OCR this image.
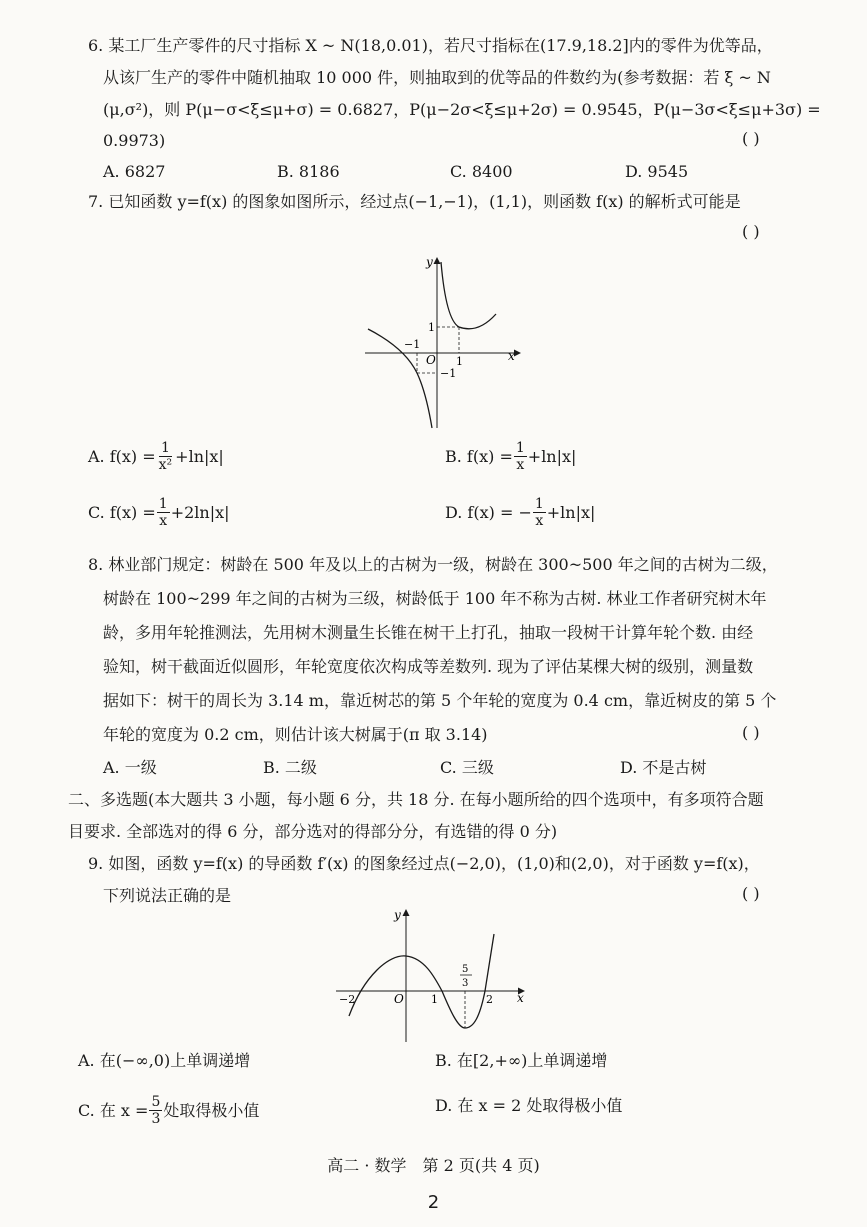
6. 某工厂生产零件的尺寸指标 X ~ N(18,0.01)，若尺寸指标在(17.9,18.2]内的零件为优等品，
从该厂生产的零件中随机抽取 10 000 件，则抽取到的优等品的件数约为(参考数据：若 ξ ~ N
(μ,σ²)，则 P(μ−σ<ξ≤μ+σ) = 0.6827，P(μ−2σ<ξ≤μ+2σ) = 0.9545，P(μ−3σ<ξ≤μ+3σ) =
0.9973)	( )
A. 6827	B. 8186	C. 8400	D. 9545
7. 已知函数 y=f(x) 的图象如图所示，经过点(−1,−1)，(1,1)，则函数 f(x) 的解析式可能是
( )
y
x
O 1
−1
1
−1
A. $f(x) = \frac{1}{\text{x²}} +\ln|x|$	B. $f(x) = \frac{1}{x} +\ln|x|$
C. $f(x) = \frac{1}{x} +2\ln|x|$	D. f(x) = − $\frac{1}{x} +\ln|x|$
8. 林业部门规定：树龄在 500 年及以上的古树为一级，树龄在 300~500 年之间的古树为二级，
树龄在 100~299 年之间的古树为三级，树龄低于 100 年不称为古树. 林业工作者研究树木年
龄，多用年轮推测法，先用树木测量生长锥在树干上打孔，抽取一段树干计算年轮个数. 由经
验知，树干截面近似圆形，年轮宽度依次构成等差数列. 现为了评估某棵大树的级别，测量数
据如下：树干的周长为 3.14 m，靠近树芯的第 5 个年轮的宽度为 0.4 cm，靠近树皮的第 5 个
年轮的宽度为 0.2 cm，则估计该大树属于(π 取 3.14)	( )
A. 一级	B. 二级	C. 三级	D. 不是古树
二、多选题(本大题共 3 小题，每小题 6 分，共 18 分. 在每小题所给的四个选项中，有多项符合题
目要求. 全部选对的得 6 分，部分选对的得部分分，有选错的得 0 分)
9. 如图，函数 y=f(x) 的导函数 f′(x) 的图象经过点(−2,0)，(1,0)和(2,0)，对于函数 y=f(x)，
下列说法正确的是	( )
y
x
O
−2	1	2
5
3
A. 在(−∞,0)上单调递增	B. 在[2,+∞)上单调递增
C. 在 $x = \frac{5}{3}$ 处取得极小值	D. 在 x = 2 处取得极小值
高二 · 数学　第 2 页(共 4 页)
2
